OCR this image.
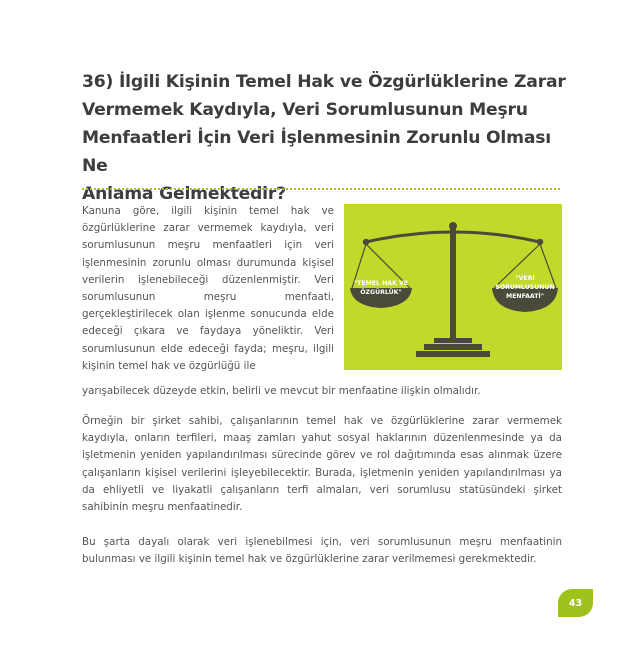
36) İlgili Kişinin Temel Hak ve Özgürlüklerine Zarar
Vermemek Kaydıyla, Veri Sorumlusunun Meşru
Menfaatleri İçin Veri İşlenmesinin Zorunlu Olması Ne
Anlama Gelmektedir?

Kanuna göre, ilgili kişinin temel hak ve özgürlüklerine zarar vermemek kaydıyla, veri sorumlusunun meşru menfaatleri için veri işlenmesinin zorunlu olması durumunda kişisel verilerin işlenebileceği düzenlenmiştir. Veri sorumlusunun meşru menfaati, gerçekleştirilecek olan işlenme sonucunda elde edeceği çıkara ve faydaya yöneliktir. Veri sorumlusunun elde edeceği fayda; meşru, ilgili kişinin temel hak ve özgürlüğü ile

"TEMEL HAK VE
ÖZGÜRLÜK"
"VERİ
SORUMLUSUNUN
MENFAATİ"

yarışabilecek düzeyde etkin, belirli ve mevcut bir menfaatine ilişkin olmalıdır.

Örneğin bir şirket sahibi, çalışanlarının temel hak ve özgürlüklerine zarar vermemek kaydıyla, onların terfileri, maaş zamları yahut sosyal haklarının düzenlenmesinde ya da işletmenin yeniden yapılandırılması sürecinde görev ve rol dağıtımında esas alınmak üzere çalışanların kişisel verilerini işleyebilecektir. Burada, işletmenin yeniden yapılandırılması ya da ehliyetli ve liyakatli çalışanların terfi almaları, veri sorumlusu statüsündeki şirket sahibinin meşru menfaatinedir.

Bu şarta dayalı olarak veri işlenebilmesi için, veri sorumlusunun meşru menfaatinin bulunması ve ilgili kişinin temel hak ve özgürlüklerine zarar verilmemesi gerekmektedir.

43
